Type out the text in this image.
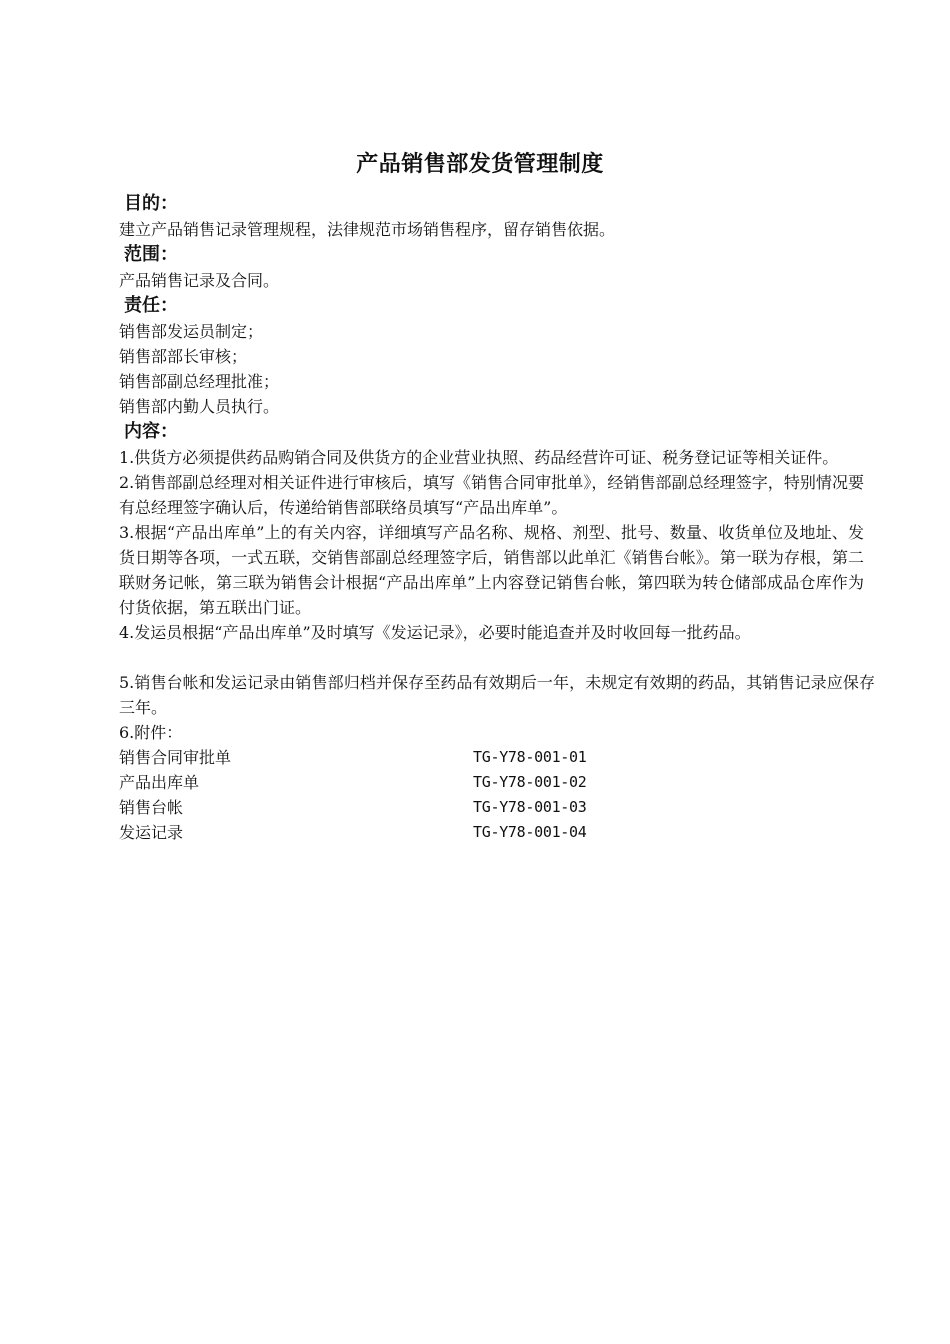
产品销售部发货管理制度
目的：
建立产品销售记录管理规程，法律规范市场销售程序，留存销售依据。
范围：
产品销售记录及合同。
责任：
销售部发运员制定；
销售部部长审核；
销售部副总经理批准；
销售部内勤人员执行。
内容：

1.供货方必须提供药品购销合同及供货方的企业营业执照、药品经营许可证、税务登记证等相关证件。

2.销售部副总经理对相关证件进行审核后，填写《销售合同审批单》，经销售部副总经理签字，特别情况要有总经理签字确认后，传递给销售部联络员填写“产品出库单”。

3.根据“产品出库单”上的有关内容，详细填写产品名称、规格、剂型、批号、数量、收货单位及地址、发货日期等各项，一式五联，交销售部副总经理签字后，销售部以此单汇《销售台帐》。第一联为存根，第二联财务记帐，第三联为销售会计根据“产品出库单”上内容登记销售台帐，第四联为转仓储部成品仓库作为付货依据，第五联出门证。

4.发运员根据“产品出库单”及时填写《发运记录》，必要时能追查并及时收回每一批药品。

5.销售台帐和发运记录由销售部归档并保存至药品有效期后一年，未规定有效期的药品，其销售记录应保存三年。

6.附件：
销售合同审批单	TG-Y78-001-01
产品出库单	TG-Y78-001-02
销售台帐	TG-Y78-001-03
发运记录	TG-Y78-001-04
